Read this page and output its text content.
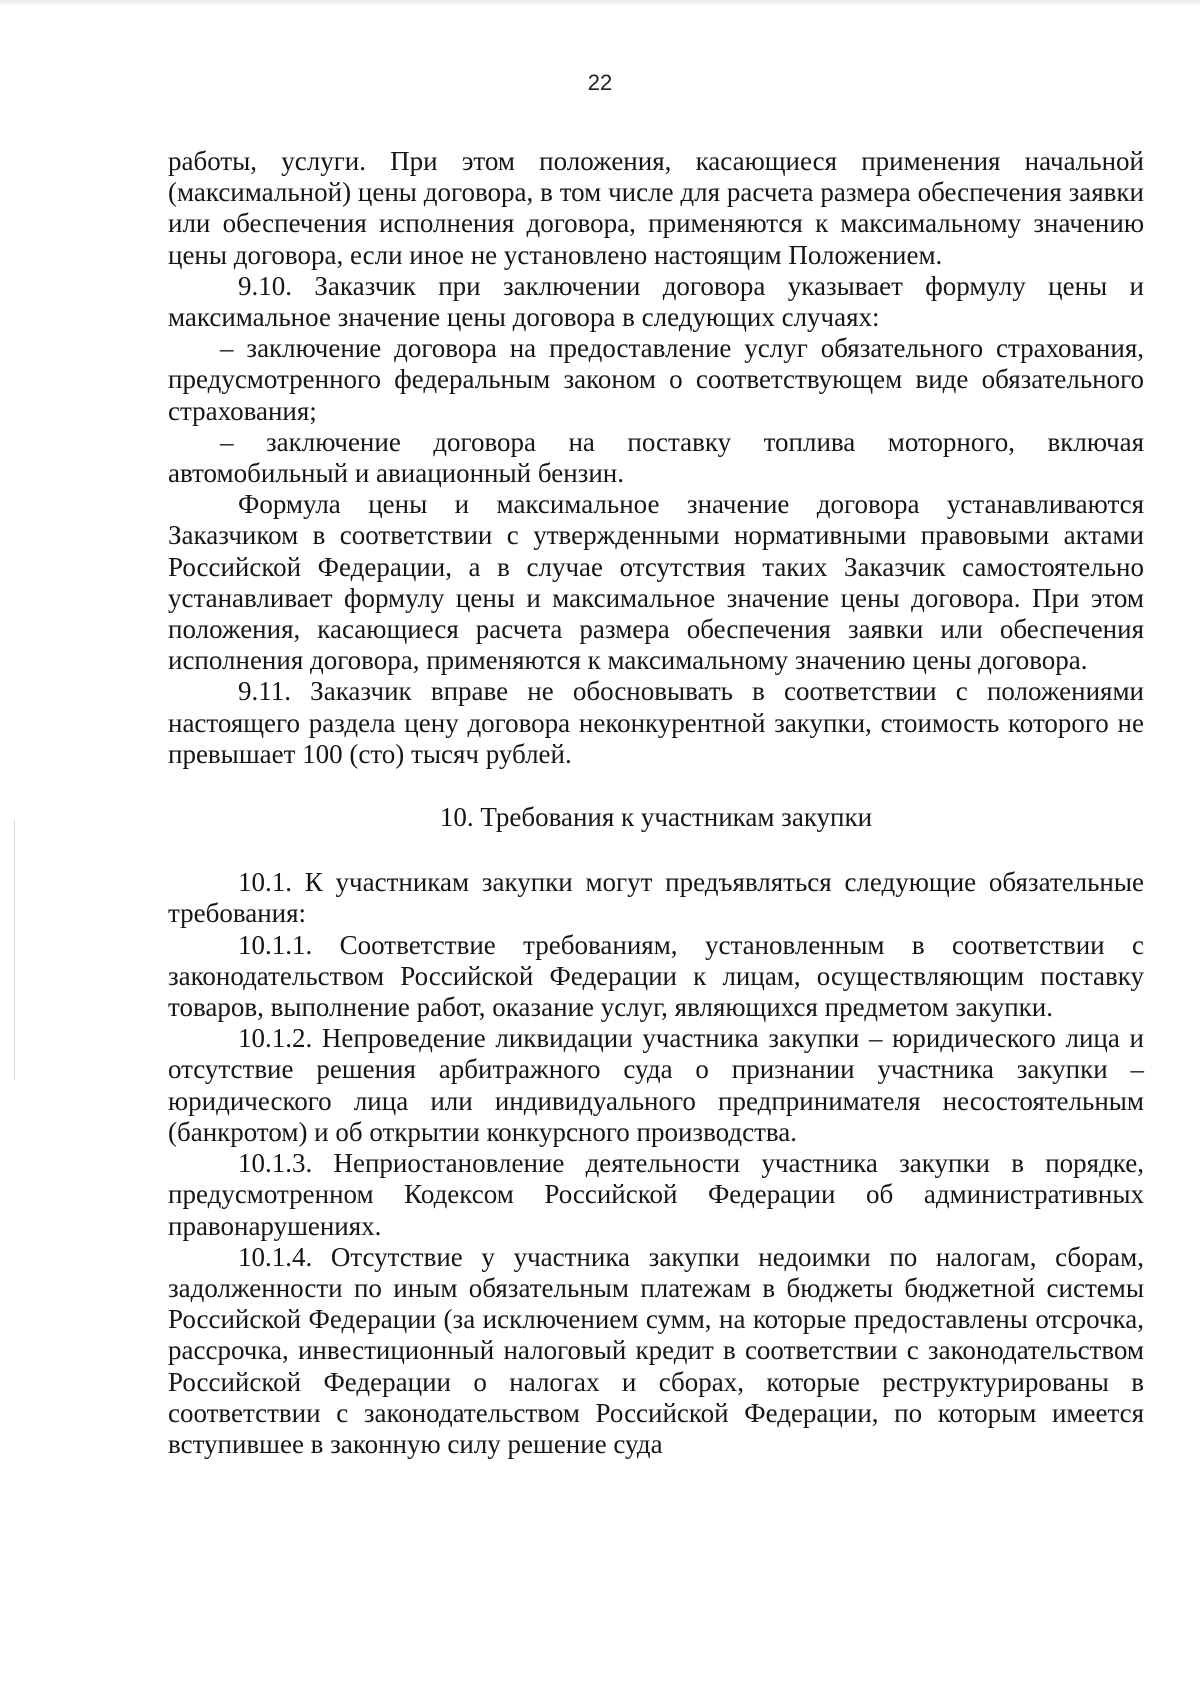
22

работы, услуги. При этом положения, касающиеся применения начальной (максимальной) цены договора, в том числе для расчета размера обеспечения заявки или обеспечения исполнения договора, применяются к максимальному значению цены договора, если иное не установлено настоящим Положением.

9.10. Заказчик при заключении договора указывает формулу цены и максимальное значение цены договора в следующих случаях:

– заключение договора на предоставление услуг обязательного страхования, предусмотренного федеральным законом о соответствующем виде обязательного страхования;

– заключение договора на поставку топлива моторного, включая автомобильный и авиационный бензин.

Формула цены и максимальное значение договора устанавливаются Заказчиком в соответствии с утвержденными нормативными правовыми актами Российской Федерации, а в случае отсутствия таких Заказчик самостоятельно устанавливает формулу цены и максимальное значение цены договора. При этом положения, касающиеся расчета размера обеспечения заявки или обеспечения исполнения договора, применяются к максимальному значению цены договора.

9.11. Заказчик вправе не обосновывать в соответствии с положениями настоящего раздела цену договора неконкурентной закупки, стоимость которого не превышает 100 (сто) тысяч рублей.

10. Требования к участникам закупки

10.1. К участникам закупки могут предъявляться следующие обязательные требования:

10.1.1. Соответствие требованиям, установленным в соответствии с законодательством Российской Федерации к лицам, осуществляющим поставку товаров, выполнение работ, оказание услуг, являющихся предметом закупки.

10.1.2. Непроведение ликвидации участника закупки – юридического лица и отсутствие решения арбитражного суда о признании участника закупки – юридического лица или индивидуального предпринимателя несостоятельным (банкротом) и об открытии конкурсного производства.

10.1.3. Неприостановление деятельности участника закупки в порядке, предусмотренном Кодексом Российской Федерации об административных правонарушениях.

10.1.4. Отсутствие у участника закупки недоимки по налогам, сборам, задолженности по иным обязательным платежам в бюджеты бюджетной системы Российской Федерации (за исключением сумм, на которые предоставлены отсрочка, рассрочка, инвестиционный налоговый кредит в соответствии с законодательством Российской Федерации о налогах и сборах, которые реструктурированы в соответствии с законодательством Российской Федерации, по которым имеется вступившее в законную силу решение суда
